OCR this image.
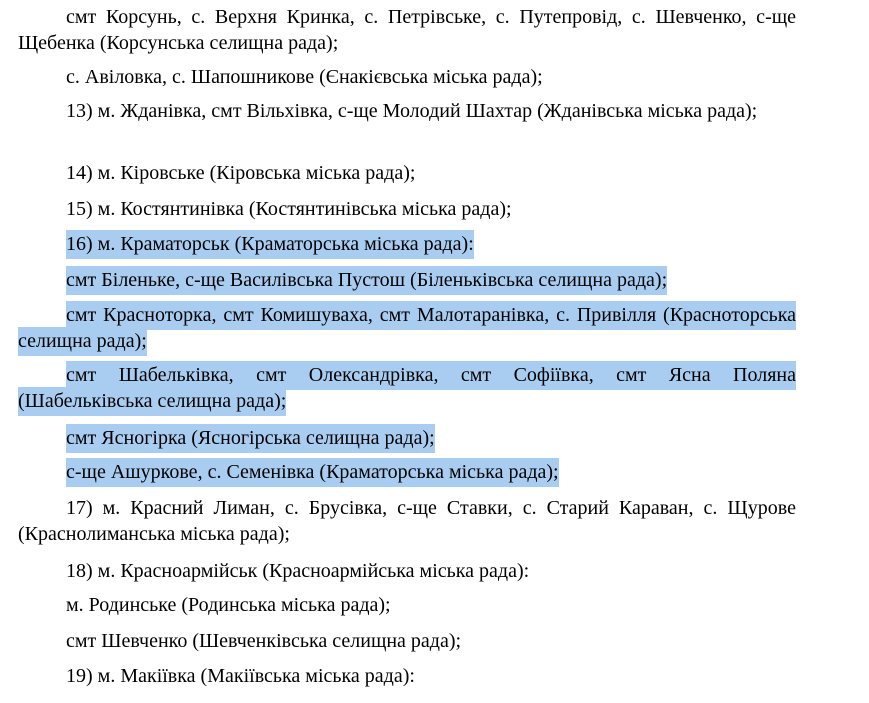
смт Корсунь, с. Верхня Кринка, с. Петрівське, с. Путепровід, с. Шевченко, с-ще Щебенка (Корсунська селищна рада);
с. Авіловка, с. Шапошникове (Єнакієвська міська рада);
13) м. Жданівка, смт Вільхівка, с-ще Молодий Шахтар (Жданівська міська рада);
14) м. Кіровське (Кіровська міська рада);
15) м. Костянтинівка (Костянтинівська міська рада);
16) м. Краматорськ (Краматорська міська рада):
смт Біленьке, с-ще Василівська Пустош (Біленьківська селищна рада);
смт Красноторка, смт Комишуваха, смт Малотаранівка, с. Привілля (Красноторська селищна рада);
смт Шабельківка, смт Олександрівка, смт Софіївка, смт Ясна Поляна (Шабельківська селищна рада);
смт Ясногірка (Ясногірська селищна рада);
с-ще Ашуркове, с. Семенівка (Краматорська міська рада);
17) м. Красний Лиман, с. Брусівка, с-ще Ставки, с. Старий Караван, с. Щурове (Краснолиманська міська рада);
18) м. Красноармійськ (Красноармійська міська рада):
м. Родинське (Родинська міська рада);
смт Шевченко (Шевченківська селищна рада);
19) м. Макіївка (Макіївська міська рада):
